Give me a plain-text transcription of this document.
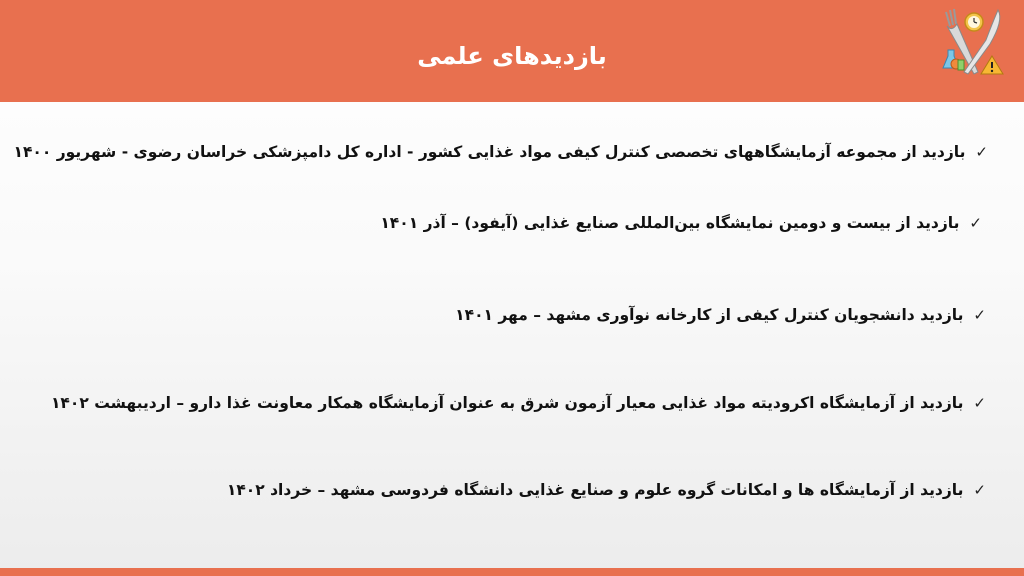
بازدیدهای علمی
✓بازدید از مجموعه آزمایشگاههای تخصصی کنترل کیفی مواد غذایی کشور - اداره کل دامپزشکی خراسان رضوی - شهریور ۱۴۰۰
✓بازدید از بیست و دومین نمایشگاه بین‌المللی صنایع غذایی (آیفود) – آذر ۱۴۰۱
✓بازدید دانشجویان کنترل کیفی از کارخانه نوآوری مشهد – مهر ۱۴۰۱
✓بازدید از آزمایشگاه اکرودیته مواد غذایی معیار آزمون شرق به عنوان آزمایشگاه همکار معاونت غذا دارو – اردیبهشت ۱۴۰۲
✓بازدید از آزمایشگاه ها و امکانات گروه علوم و صنایع غذایی دانشگاه فردوسی مشهد – خرداد ۱۴۰۲
